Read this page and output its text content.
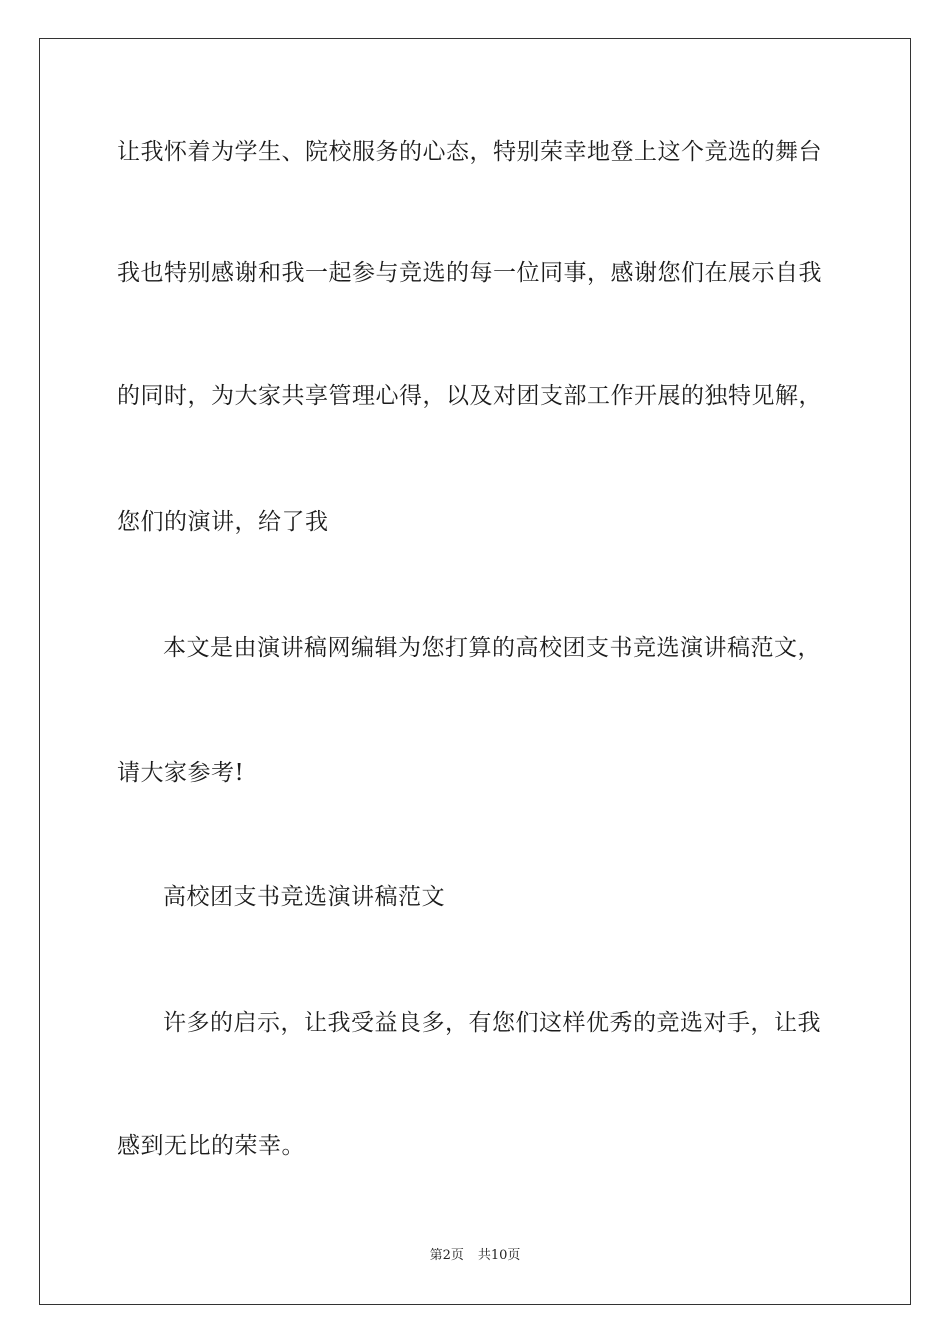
让我怀着为学生、院校服务的心态，特别荣幸地登上这个竞选的舞台
我也特别感谢和我一起参与竞选的每一位同事，感谢您们在展示自我
的同时，为大家共享管理心得，以及对团支部工作开展的独特见解，
您们的演讲，给了我
本文是由演讲稿网编辑为您打算的高校团支书竞选演讲稿范文，
请大家参考!
高校团支书竞选演讲稿范文
许多的启示，让我受益良多，有您们这样优秀的竞选对手，让我
感到无比的荣幸。
第2页 共10页
